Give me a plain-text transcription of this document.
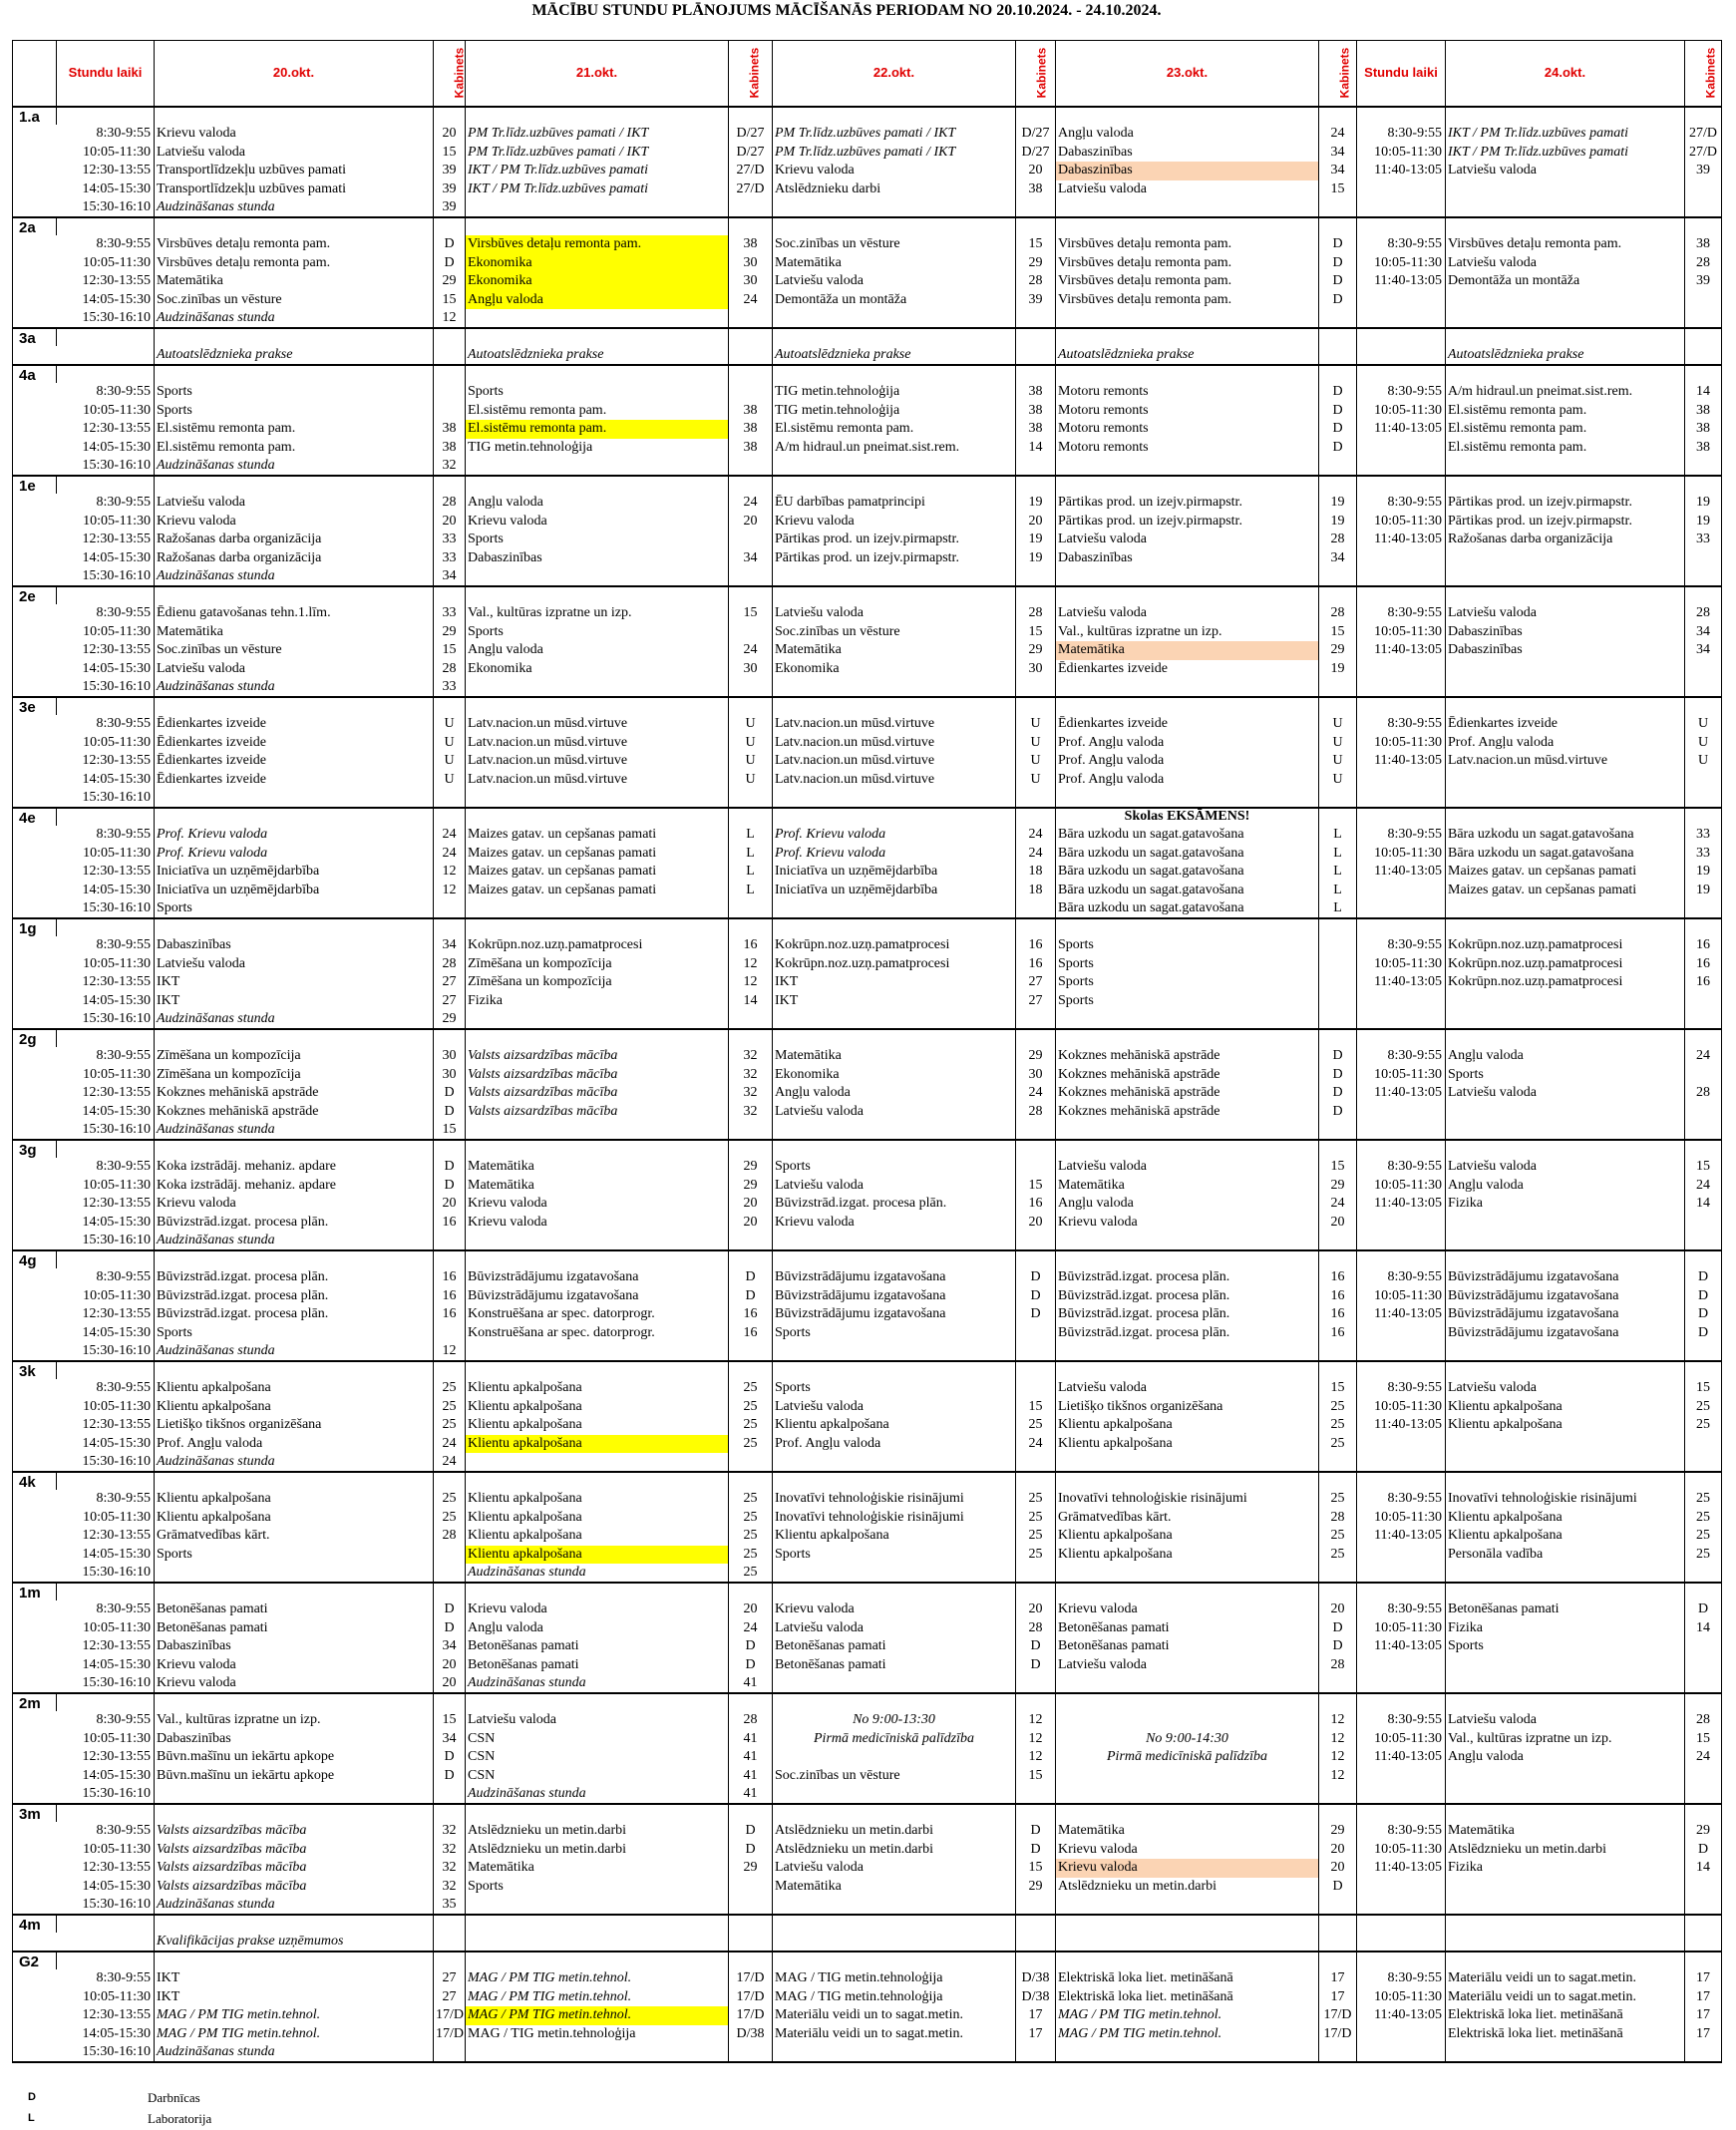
MĀCĪBU STUNDU PLĀNOJUMS MĀCĪŠANĀS PERIODAM NO 20.10.2024. - 24.10.2024.
	Stundu laiki	20.okt.	Kabinets	21.okt.	Kabinets	22.okt.	Kabinets	23.okt.	Kabinets	Stundu laiki	24.okt.	Kabinets
1.a												
	8:30-9:55	Krievu valoda	20	PM Tr.līdz.uzbūves pamati / IKT	D/27	PM Tr.līdz.uzbūves pamati / IKT	D/27	Angļu valoda	24	8:30-9:55	IKT / PM Tr.līdz.uzbūves pamati	27/D
	10:05-11:30	Latviešu valoda	15	PM Tr.līdz.uzbūves pamati / IKT	D/27	PM Tr.līdz.uzbūves pamati / IKT	D/27	Dabaszinības	34	10:05-11:30	IKT / PM Tr.līdz.uzbūves pamati	27/D
	12:30-13:55	Transportlīdzekļu uzbūves pamati	39	IKT / PM Tr.līdz.uzbūves pamati	27/D	Krievu valoda	20	Dabaszinības	34	11:40-13:05	Latviešu valoda	39
	14:05-15:30	Transportlīdzekļu uzbūves pamati	39	IKT / PM Tr.līdz.uzbūves pamati	27/D	Atslēdznieku darbi	38	Latviešu valoda	15			
	15:30-16:10	Audzināšanas stunda	39									
2a												
	8:30-9:55	Virsbūves detaļu remonta pam.	D	Virsbūves detaļu remonta pam.	38	Soc.zinības un vēsture	15	Virsbūves detaļu remonta pam.	D	8:30-9:55	Virsbūves detaļu remonta pam.	38
	10:05-11:30	Virsbūves detaļu remonta pam.	D	Ekonomika	30	Matemātika	29	Virsbūves detaļu remonta pam.	D	10:05-11:30	Latviešu valoda	28
	12:30-13:55	Matemātika	29	Ekonomika	30	Latviešu valoda	28	Virsbūves detaļu remonta pam.	D	11:40-13:05	Demontāža un montāža	39
	14:05-15:30	Soc.zinības un vēsture	15	Angļu valoda	24	Demontāža un montāža	39	Virsbūves detaļu remonta pam.	D			
	15:30-16:10	Audzināšanas stunda	12									
3a												
		Autoatslēdznieka prakse		Autoatslēdznieka prakse		Autoatslēdznieka prakse		Autoatslēdznieka prakse			Autoatslēdznieka prakse	
4a												
	8:30-9:55	Sports		Sports		TIG metin.tehnoloģija	38	Motoru remonts	D	8:30-9:55	A/m hidraul.un pneimat.sist.rem.	14
	10:05-11:30	Sports		El.sistēmu remonta pam.	38	TIG metin.tehnoloģija	38	Motoru remonts	D	10:05-11:30	El.sistēmu remonta pam.	38
	12:30-13:55	El.sistēmu remonta pam.	38	El.sistēmu remonta pam.	38	El.sistēmu remonta pam.	38	Motoru remonts	D	11:40-13:05	El.sistēmu remonta pam.	38
	14:05-15:30	El.sistēmu remonta pam.	38	TIG metin.tehnoloģija	38	A/m hidraul.un pneimat.sist.rem.	14	Motoru remonts	D		El.sistēmu remonta pam.	38
	15:30-16:10	Audzināšanas stunda	32									
1e												
	8:30-9:55	Latviešu valoda	28	Angļu valoda	24	ĒU darbības pamatprincipi	19	Pārtikas prod. un izejv.pirmapstr.	19	8:30-9:55	Pārtikas prod. un izejv.pirmapstr.	19
	10:05-11:30	Krievu valoda	20	Krievu valoda	20	Krievu valoda	20	Pārtikas prod. un izejv.pirmapstr.	19	10:05-11:30	Pārtikas prod. un izejv.pirmapstr.	19
	12:30-13:55	Ražošanas darba organizācija	33	Sports		Pārtikas prod. un izejv.pirmapstr.	19	Latviešu valoda	28	11:40-13:05	Ražošanas darba organizācija	33
	14:05-15:30	Ražošanas darba organizācija	33	Dabaszinības	34	Pārtikas prod. un izejv.pirmapstr.	19	Dabaszinības	34			
	15:30-16:10	Audzināšanas stunda	34									
2e												
	8:30-9:55	Ēdienu gatavošanas tehn.1.līm.	33	Val., kultūras izpratne un izp.	15	Latviešu valoda	28	Latviešu valoda	28	8:30-9:55	Latviešu valoda	28
	10:05-11:30	Matemātika	29	Sports		Soc.zinības un vēsture	15	Val., kultūras izpratne un izp.	15	10:05-11:30	Dabaszinības	34
	12:30-13:55	Soc.zinības un vēsture	15	Angļu valoda	24	Matemātika	29	Matemātika	29	11:40-13:05	Dabaszinības	34
	14:05-15:30	Latviešu valoda	28	Ekonomika	30	Ekonomika	30	Ēdienkartes izveide	19			
	15:30-16:10	Audzināšanas stunda	33									
3e												
	8:30-9:55	Ēdienkartes izveide	U	Latv.nacion.un mūsd.virtuve	U	Latv.nacion.un mūsd.virtuve	U	Ēdienkartes izveide	U	8:30-9:55	Ēdienkartes izveide	U
	10:05-11:30	Ēdienkartes izveide	U	Latv.nacion.un mūsd.virtuve	U	Latv.nacion.un mūsd.virtuve	U	Prof. Angļu valoda	U	10:05-11:30	Prof. Angļu valoda	U
	12:30-13:55	Ēdienkartes izveide	U	Latv.nacion.un mūsd.virtuve	U	Latv.nacion.un mūsd.virtuve	U	Prof. Angļu valoda	U	11:40-13:05	Latv.nacion.un mūsd.virtuve	U
	14:05-15:30	Ēdienkartes izveide	U	Latv.nacion.un mūsd.virtuve	U	Latv.nacion.un mūsd.virtuve	U	Prof. Angļu valoda	U			
	15:30-16:10											
4e								Skolas EKSĀMENS!				
	8:30-9:55	Prof. Krievu valoda	24	Maizes gatav. un cepšanas pamati	L	Prof. Krievu valoda	24	Bāra uzkodu un sagat.gatavošana	L	8:30-9:55	Bāra uzkodu un sagat.gatavošana	33
	10:05-11:30	Prof. Krievu valoda	24	Maizes gatav. un cepšanas pamati	L	Prof. Krievu valoda	24	Bāra uzkodu un sagat.gatavošana	L	10:05-11:30	Bāra uzkodu un sagat.gatavošana	33
	12:30-13:55	Iniciatīva un uzņēmējdarbība	12	Maizes gatav. un cepšanas pamati	L	Iniciatīva un uzņēmējdarbība	18	Bāra uzkodu un sagat.gatavošana	L	11:40-13:05	Maizes gatav. un cepšanas pamati	19
	14:05-15:30	Iniciatīva un uzņēmējdarbība	12	Maizes gatav. un cepšanas pamati	L	Iniciatīva un uzņēmējdarbība	18	Bāra uzkodu un sagat.gatavošana	L		Maizes gatav. un cepšanas pamati	19
	15:30-16:10	Sports						Bāra uzkodu un sagat.gatavošana	L			
1g												
	8:30-9:55	Dabaszinības	34	Kokrūpn.noz.uzņ.pamatprocesi	16	Kokrūpn.noz.uzņ.pamatprocesi	16	Sports		8:30-9:55	Kokrūpn.noz.uzņ.pamatprocesi	16
	10:05-11:30	Latviešu valoda	28	Zīmēšana un kompozīcija	12	Kokrūpn.noz.uzņ.pamatprocesi	16	Sports		10:05-11:30	Kokrūpn.noz.uzņ.pamatprocesi	16
	12:30-13:55	IKT	27	Zīmēšana un kompozīcija	12	IKT	27	Sports		11:40-13:05	Kokrūpn.noz.uzņ.pamatprocesi	16
	14:05-15:30	IKT	27	Fizika	14	IKT	27	Sports				
	15:30-16:10	Audzināšanas stunda	29									
2g												
	8:30-9:55	Zīmēšana un kompozīcija	30	Valsts aizsardzības mācība	32	Matemātika	29	Kokznes mehāniskā apstrāde	D	8:30-9:55	Angļu valoda	24
	10:05-11:30	Zīmēšana un kompozīcija	30	Valsts aizsardzības mācība	32	Ekonomika	30	Kokznes mehāniskā apstrāde	D	10:05-11:30	Sports	
	12:30-13:55	Kokznes mehāniskā apstrāde	D	Valsts aizsardzības mācība	32	Angļu valoda	24	Kokznes mehāniskā apstrāde	D	11:40-13:05	Latviešu valoda	28
	14:05-15:30	Kokznes mehāniskā apstrāde	D	Valsts aizsardzības mācība	32	Latviešu valoda	28	Kokznes mehāniskā apstrāde	D			
	15:30-16:10	Audzināšanas stunda	15									
3g												
	8:30-9:55	Koka izstrādāj. mehaniz. apdare	D	Matemātika	29	Sports		Latviešu valoda	15	8:30-9:55	Latviešu valoda	15
	10:05-11:30	Koka izstrādāj. mehaniz. apdare	D	Matemātika	29	Latviešu valoda	15	Matemātika	29	10:05-11:30	Angļu valoda	24
	12:30-13:55	Krievu valoda	20	Krievu valoda	20	Būvizstrād.izgat. procesa plān.	16	Angļu valoda	24	11:40-13:05	Fizika	14
	14:05-15:30	Būvizstrād.izgat. procesa plān.	16	Krievu valoda	20	Krievu valoda	20	Krievu valoda	20			
	15:30-16:10	Audzināšanas stunda										
4g												
	8:30-9:55	Būvizstrād.izgat. procesa plān.	16	Būvizstrādājumu izgatavošana	D	Būvizstrādājumu izgatavošana	D	Būvizstrād.izgat. procesa plān.	16	8:30-9:55	Būvizstrādājumu izgatavošana	D
	10:05-11:30	Būvizstrād.izgat. procesa plān.	16	Būvizstrādājumu izgatavošana	D	Būvizstrādājumu izgatavošana	D	Būvizstrād.izgat. procesa plān.	16	10:05-11:30	Būvizstrādājumu izgatavošana	D
	12:30-13:55	Būvizstrād.izgat. procesa plān.	16	Konstruēšana ar spec. datorprogr.	16	Būvizstrādājumu izgatavošana	D	Būvizstrād.izgat. procesa plān.	16	11:40-13:05	Būvizstrādājumu izgatavošana	D
	14:05-15:30	Sports		Konstruēšana ar spec. datorprogr.	16	Sports		Būvizstrād.izgat. procesa plān.	16		Būvizstrādājumu izgatavošana	D
	15:30-16:10	Audzināšanas stunda	12									
3k												
	8:30-9:55	Klientu apkalpošana	25	Klientu apkalpošana	25	Sports		Latviešu valoda	15	8:30-9:55	Latviešu valoda	15
	10:05-11:30	Klientu apkalpošana	25	Klientu apkalpošana	25	Latviešu valoda	15	Lietišķo tikšnos organizēšana	25	10:05-11:30	Klientu apkalpošana	25
	12:30-13:55	Lietišķo tikšnos organizēšana	25	Klientu apkalpošana	25	Klientu apkalpošana	25	Klientu apkalpošana	25	11:40-13:05	Klientu apkalpošana	25
	14:05-15:30	Prof. Angļu valoda	24	Klientu apkalpošana	25	Prof. Angļu valoda	24	Klientu apkalpošana	25			
	15:30-16:10	Audzināšanas stunda	24									
4k												
	8:30-9:55	Klientu apkalpošana	25	Klientu apkalpošana	25	Inovatīvi tehnoloģiskie risinājumi	25	Inovatīvi tehnoloģiskie risinājumi	25	8:30-9:55	Inovatīvi tehnoloģiskie risinājumi	25
	10:05-11:30	Klientu apkalpošana	25	Klientu apkalpošana	25	Inovatīvi tehnoloģiskie risinājumi	25	Grāmatvedības kārt.	28	10:05-11:30	Klientu apkalpošana	25
	12:30-13:55	Grāmatvedības kārt.	28	Klientu apkalpošana	25	Klientu apkalpošana	25	Klientu apkalpošana	25	11:40-13:05	Klientu apkalpošana	25
	14:05-15:30	Sports		Klientu apkalpošana	25	Sports	25	Klientu apkalpošana	25		Personāla vadība	25
	15:30-16:10			Audzināšanas stunda	25							
1m												
	8:30-9:55	Betonēšanas pamati	D	Krievu valoda	20	Krievu valoda	20	Krievu valoda	20	8:30-9:55	Betonēšanas pamati	D
	10:05-11:30	Betonēšanas pamati	D	Angļu valoda	24	Latviešu valoda	28	Betonēšanas pamati	D	10:05-11:30	Fizika	14
	12:30-13:55	Dabaszinības	34	Betonēšanas pamati	D	Betonēšanas pamati	D	Betonēšanas pamati	D	11:40-13:05	Sports	
	14:05-15:30	Krievu valoda	20	Betonēšanas pamati	D	Betonēšanas pamati	D	Latviešu valoda	28			
	15:30-16:10	Krievu valoda	20	Audzināšanas stunda	41							
2m												
	8:30-9:55	Val., kultūras izpratne un izp.	15	Latviešu valoda	28	No 9:00-13:30	12		12	8:30-9:55	Latviešu valoda	28
	10:05-11:30	Dabaszinības	34	CSN	41	Pirmā medicīniskā palīdzība	12	No 9:00-14:30	12	10:05-11:30	Val., kultūras izpratne un izp.	15
	12:30-13:55	Būvn.mašīnu un iekārtu apkope	D	CSN	41		12	Pirmā medicīniskā palīdzība	12	11:40-13:05	Angļu valoda	24
	14:05-15:30	Būvn.mašīnu un iekārtu apkope	D	CSN	41	Soc.zinības un vēsture	15		12			
	15:30-16:10			Audzināšanas stunda	41							
3m												
	8:30-9:55	Valsts aizsardzības mācība	32	Atslēdznieku un metin.darbi	D	Atslēdznieku un metin.darbi	D	Matemātika	29	8:30-9:55	Matemātika	29
	10:05-11:30	Valsts aizsardzības mācība	32	Atslēdznieku un metin.darbi	D	Atslēdznieku un metin.darbi	D	Krievu valoda	20	10:05-11:30	Atslēdznieku un metin.darbi	D
	12:30-13:55	Valsts aizsardzības mācība	32	Matemātika	29	Latviešu valoda	15	Krievu valoda	20	11:40-13:05	Fizika	14
	14:05-15:30	Valsts aizsardzības mācība	32	Sports		Matemātika	29	Atslēdznieku un metin.darbi	D			
	15:30-16:10	Audzināšanas stunda	35									
4m												
		Kvalifikācijas prakse uzņēmumos										
G2												
	8:30-9:55	IKT	27	MAG / PM TIG metin.tehnol.	17/D	MAG / TIG metin.tehnoloģija	D/38	Elektriskā loka liet. metināšanā	17	8:30-9:55	Materiālu veidi un to sagat.metin.	17
	10:05-11:30	IKT	27	MAG / PM TIG metin.tehnol.	17/D	MAG / TIG metin.tehnoloģija	D/38	Elektriskā loka liet. metināšanā	17	10:05-11:30	Materiālu veidi un to sagat.metin.	17
	12:30-13:55	MAG / PM TIG metin.tehnol.	17/D	MAG / PM TIG metin.tehnol.	17/D	Materiālu veidi un to sagat.metin.	17	MAG / PM TIG metin.tehnol.	17/D	11:40-13:05	Elektriskā loka liet. metināšanā	17
	14:05-15:30	MAG / PM TIG metin.tehnol.	17/D	MAG / TIG metin.tehnoloģija	D/38	Materiālu veidi un to sagat.metin.	17	MAG / PM TIG metin.tehnol.	17/D		Elektriskā loka liet. metināšanā	17
	15:30-16:10	Audzināšanas stunda										
D	Darbnīcas
L	Laboratorija
